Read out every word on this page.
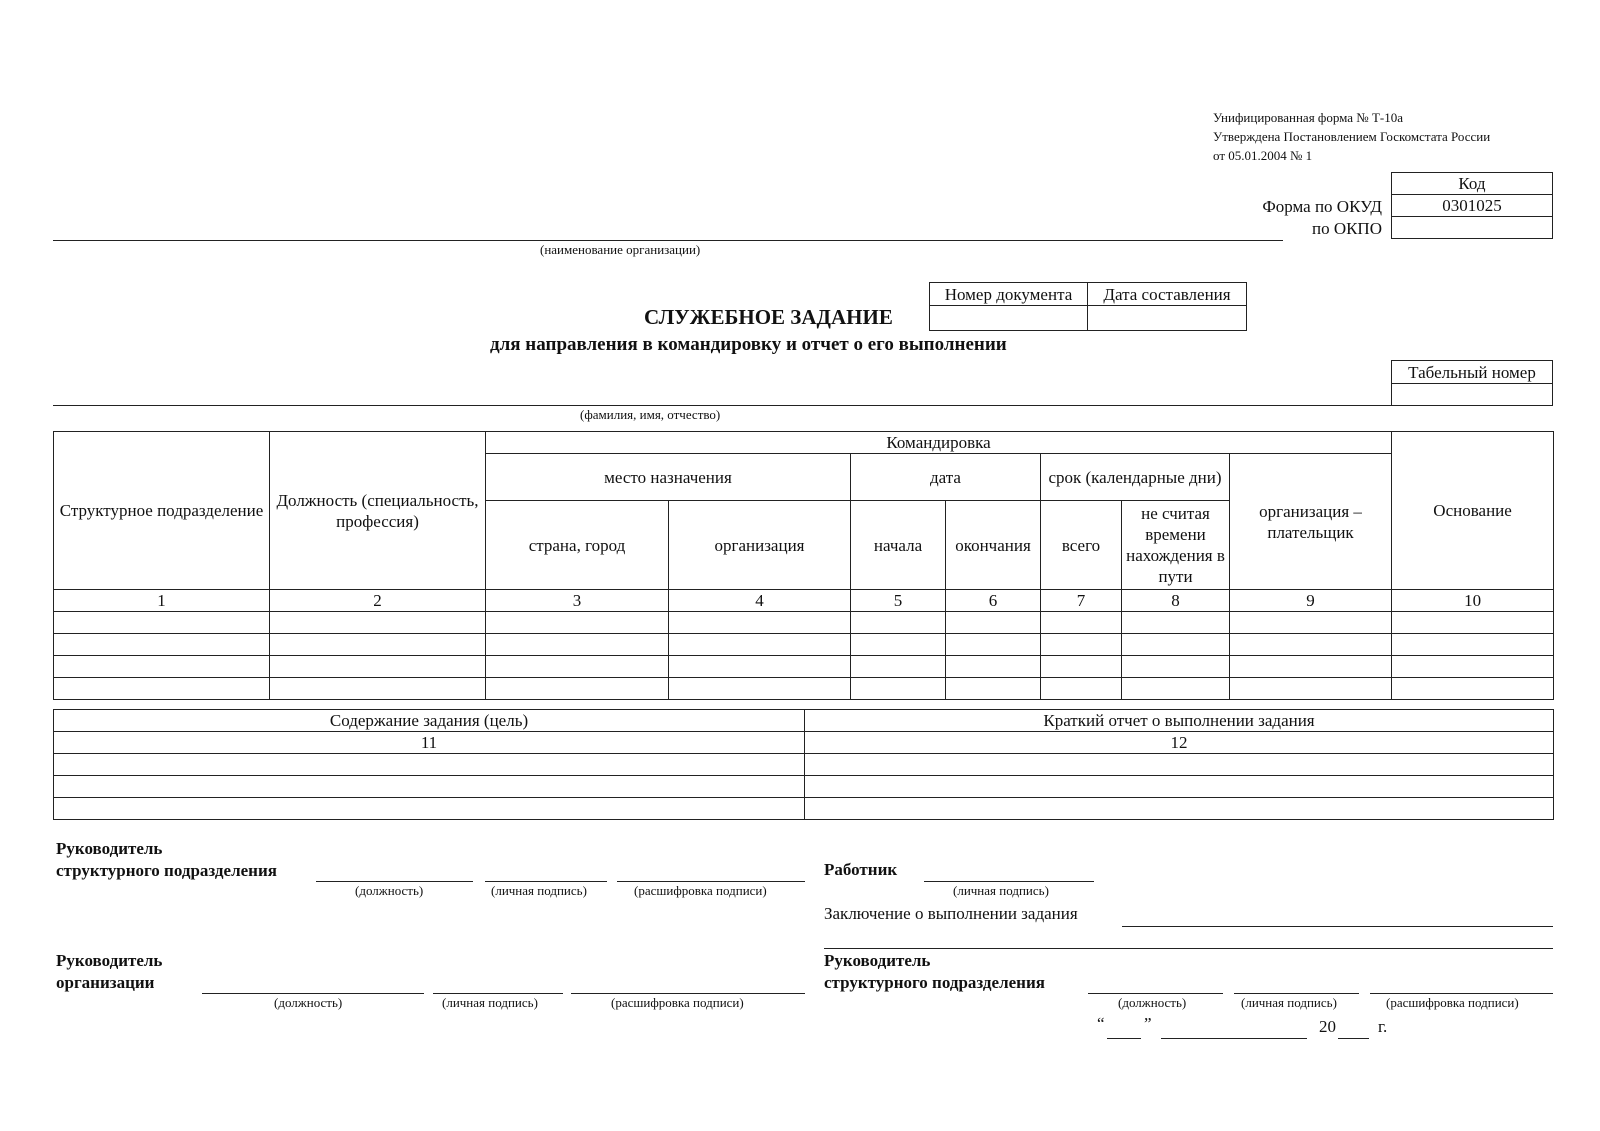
Унифицированная форма № Т-10а
Утверждена Постановлением Госкомстата России
от 05.01.2004 № 1
Код
0301025

Форма по ОКУД
по ОКПО
(наименование организации)
Номер документа	Дата составления

СЛУЖЕБНОЕ ЗАДАНИЕ
для направления в командировку и отчет о его выполнении
Табельный номер

(фамилия, имя, отчество)
Структурное подразделение	Должность (специальность, профессия)	Командировка							Основание
		место назначения		дата		срок (календарные дни)		организация – плательщик	
		страна, город	организация	начала	окончания	всего	не считая времени нахождения в пути		
1	2	3	4	5	6	7	8	9	10

Содержание задания (цель)	Краткий отчет о выполнении задания
11	12

Руководитель
структурного подразделения
(должность)	(личная подпись)	(расшифровка подписи)
Работник
(личная подпись)
Заключение о выполнении задания
Руководитель
организации
(должность)	(личная подпись)	(расшифровка подписи)
Руководитель
структурного подразделения
(должность)	(личная подпись)	(расшифровка подписи)
“ ”	20 г.
